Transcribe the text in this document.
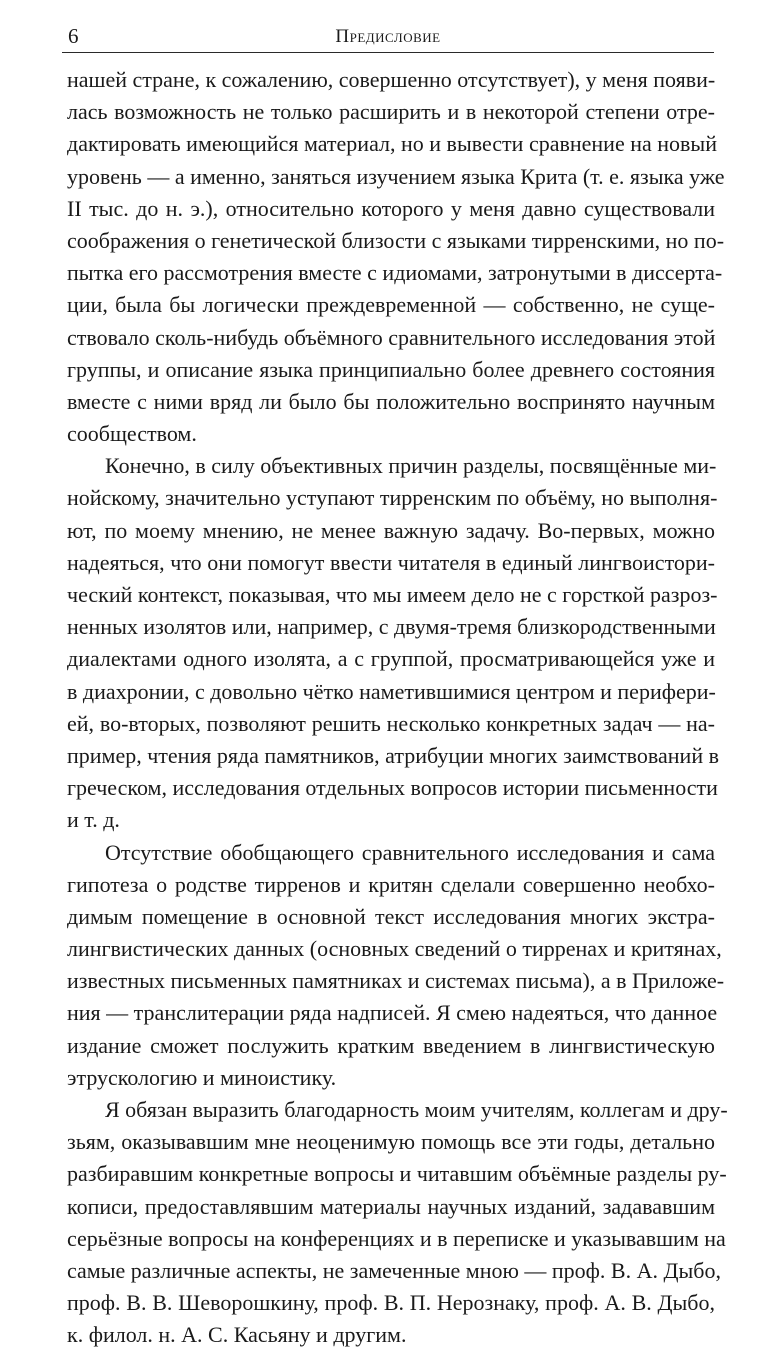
6	Предисловие
нашей стране, к сожалению, совершенно отсутствует), у меня появи-
лась возможность не только расширить и в некоторой степени отре-
дактировать имеющийся материал, но и вывести сравнение на новый
уровень — а именно, заняться изучением языка Крита (т. е. языка уже
II тыс. до н. э.), относительно которого у меня давно существовали
соображения о генетической близости с языками тирренскими, но по-
пытка его рассмотрения вместе с идиомами, затронутыми в диссерта-
ции, была бы логически преждевременной — собственно, не суще-
ствовало сколь-нибудь объёмного сравнительного исследования этой
группы, и описание языка принципиально более древнего состояния
вместе с ними вряд ли было бы положительно воспринято научным
сообществом.
Конечно, в силу объективных причин разделы, посвящённые ми-
нойскому, значительно уступают тирренским по объёму, но выполня-
ют, по моему мнению, не менее важную задачу. Во-первых, можно
надеяться, что они помогут ввести читателя в единый лингвоистори-
ческий контекст, показывая, что мы имеем дело не с горсткой разроз-
ненных изолятов или, например, с двумя-тремя близкородственными
диалектами одного изолята, а с группой, просматривающейся уже и
в диахронии, с довольно чётко наметившимися центром и перифери-
ей, во-вторых, позволяют решить несколько конкретных задач — на-
пример, чтения ряда памятников, атрибуции многих заимствований в
греческом, исследования отдельных вопросов истории письменности
и т. д.
Отсутствие обобщающего сравнительного исследования и сама
гипотеза о родстве тирренов и критян сделали совершенно необхо-
димым помещение в основной текст исследования многих экстра-
лингвистических данных (основных сведений о тирренах и критянах,
известных письменных памятниках и системах письма), а в Приложе-
ния — транслитерации ряда надписей. Я смею надеяться, что данное
издание сможет послужить кратким введением в лингвистическую
этрускологию и миноистику.
Я обязан выразить благодарность моим учителям, коллегам и дру-
зьям, оказывавшим мне неоценимую помощь все эти годы, детально
разбиравшим конкретные вопросы и читавшим объёмные разделы ру-
кописи, предоставлявшим материалы научных изданий, задававшим
серьёзные вопросы на конференциях и в переписке и указывавшим на
самые различные аспекты, не замеченные мною — проф. В. А. Дыбо,
проф. В. В. Шеворошкину, проф. В. П. Нерознаку, проф. А. В. Дыбо,
к. филол. н. А. С. Касьяну и другим.
